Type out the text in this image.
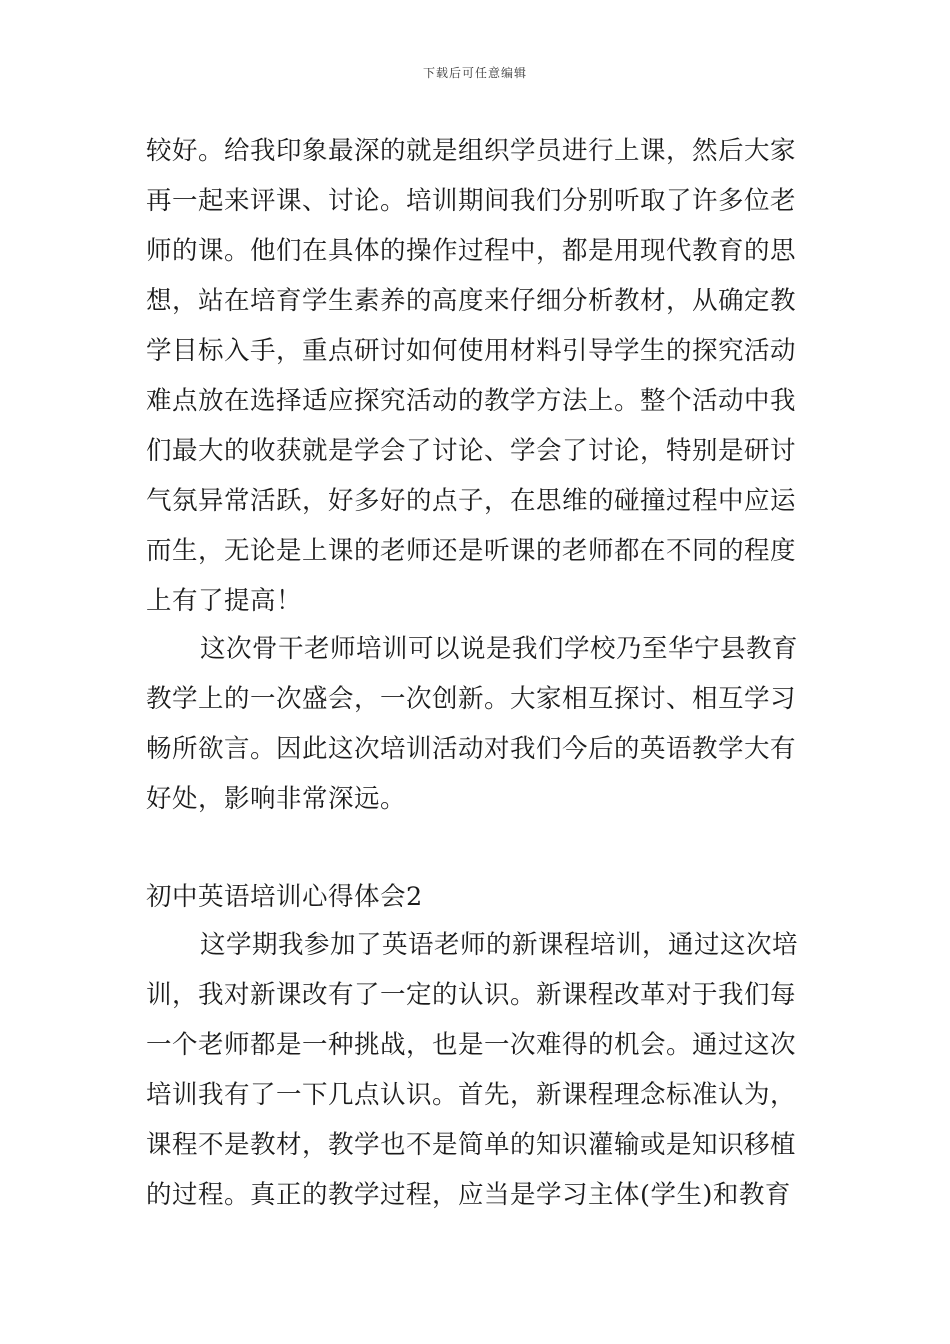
下载后可任意编辑
较好。给我印象最深的就是组织学员进行上课，然后大家
再一起来评课、讨论。培训期间我们分别听取了许多位老
师的课。他们在具体的操作过程中，都是用现代教育的思
想，站在培育学生素养的高度来仔细分析教材，从确定教
学目标入手，重点研讨如何使用材料引导学生的探究活动
难点放在选择适应探究活动的教学方法上。整个活动中我
们最大的收获就是学会了讨论、学会了讨论，特别是研讨
气氛异常活跃，好多好的点子，在思维的碰撞过程中应运
而生，无论是上课的老师还是听课的老师都在不同的程度
上有了提高！
这次骨干老师培训可以说是我们学校乃至华宁县教育
教学上的一次盛会，一次创新。大家相互探讨、相互学习
畅所欲言。因此这次培训活动对我们今后的英语教学大有
好处，影响非常深远。
初中英语培训心得体会2
这学期我参加了英语老师的新课程培训，通过这次培
训，我对新课改有了一定的认识。新课程改革对于我们每
一个老师都是一种挑战，也是一次难得的机会。通过这次
培训我有了一下几点认识。首先，新课程理念标准认为，
课程不是教材，教学也不是简单的知识灌输或是知识移植
的过程。真正的教学过程，应当是学习主体(学生)和教育
